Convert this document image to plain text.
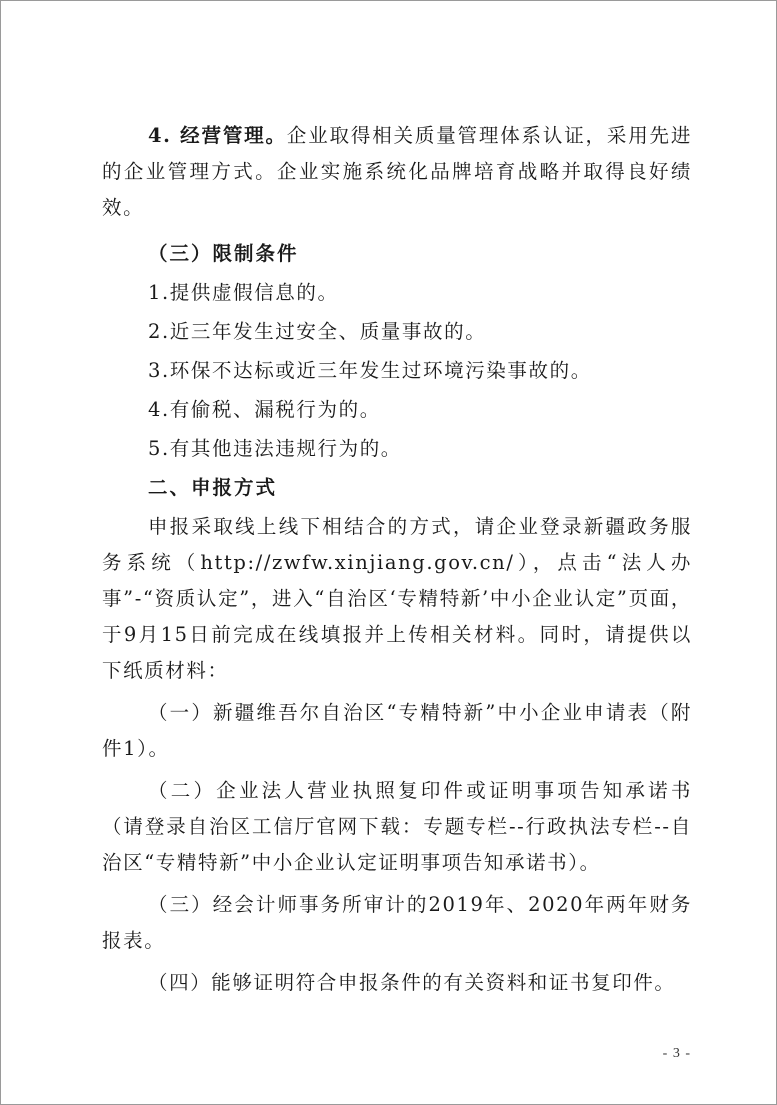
4. 经营管理。企业取得相关质量管理体系认证，采用先进的企业管理方式。企业实施系统化品牌培育战略并取得良好绩效。

（三）限制条件

1.提供虚假信息的。

2.近三年发生过安全、质量事故的。

3.环保不达标或近三年发生过环境污染事故的。

4.有偷税、漏税行为的。

5.有其他违法违规行为的。

二、申报方式

申报采取线上线下相结合的方式，请企业登录新疆政务服务系统（http://zwfw.xinjiang.gov.cn/），点击“法人办事”-“资质认定”，进入“自治区‘专精特新’中小企业认定”页面，于9月15日前完成在线填报并上传相关材料。同时，请提供以下纸质材料：

（一）新疆维吾尔自治区“专精特新”中小企业申请表（附件1）。

（二）企业法人营业执照复印件或证明事项告知承诺书（请登录自治区工信厅官网下载：专题专栏--行政执法专栏--自治区“专精特新”中小企业认定证明事项告知承诺书）。

（三）经会计师事务所审计的2019年、2020年两年财务报表。

（四）能够证明符合申报条件的有关资料和证书复印件。

- 3 -
